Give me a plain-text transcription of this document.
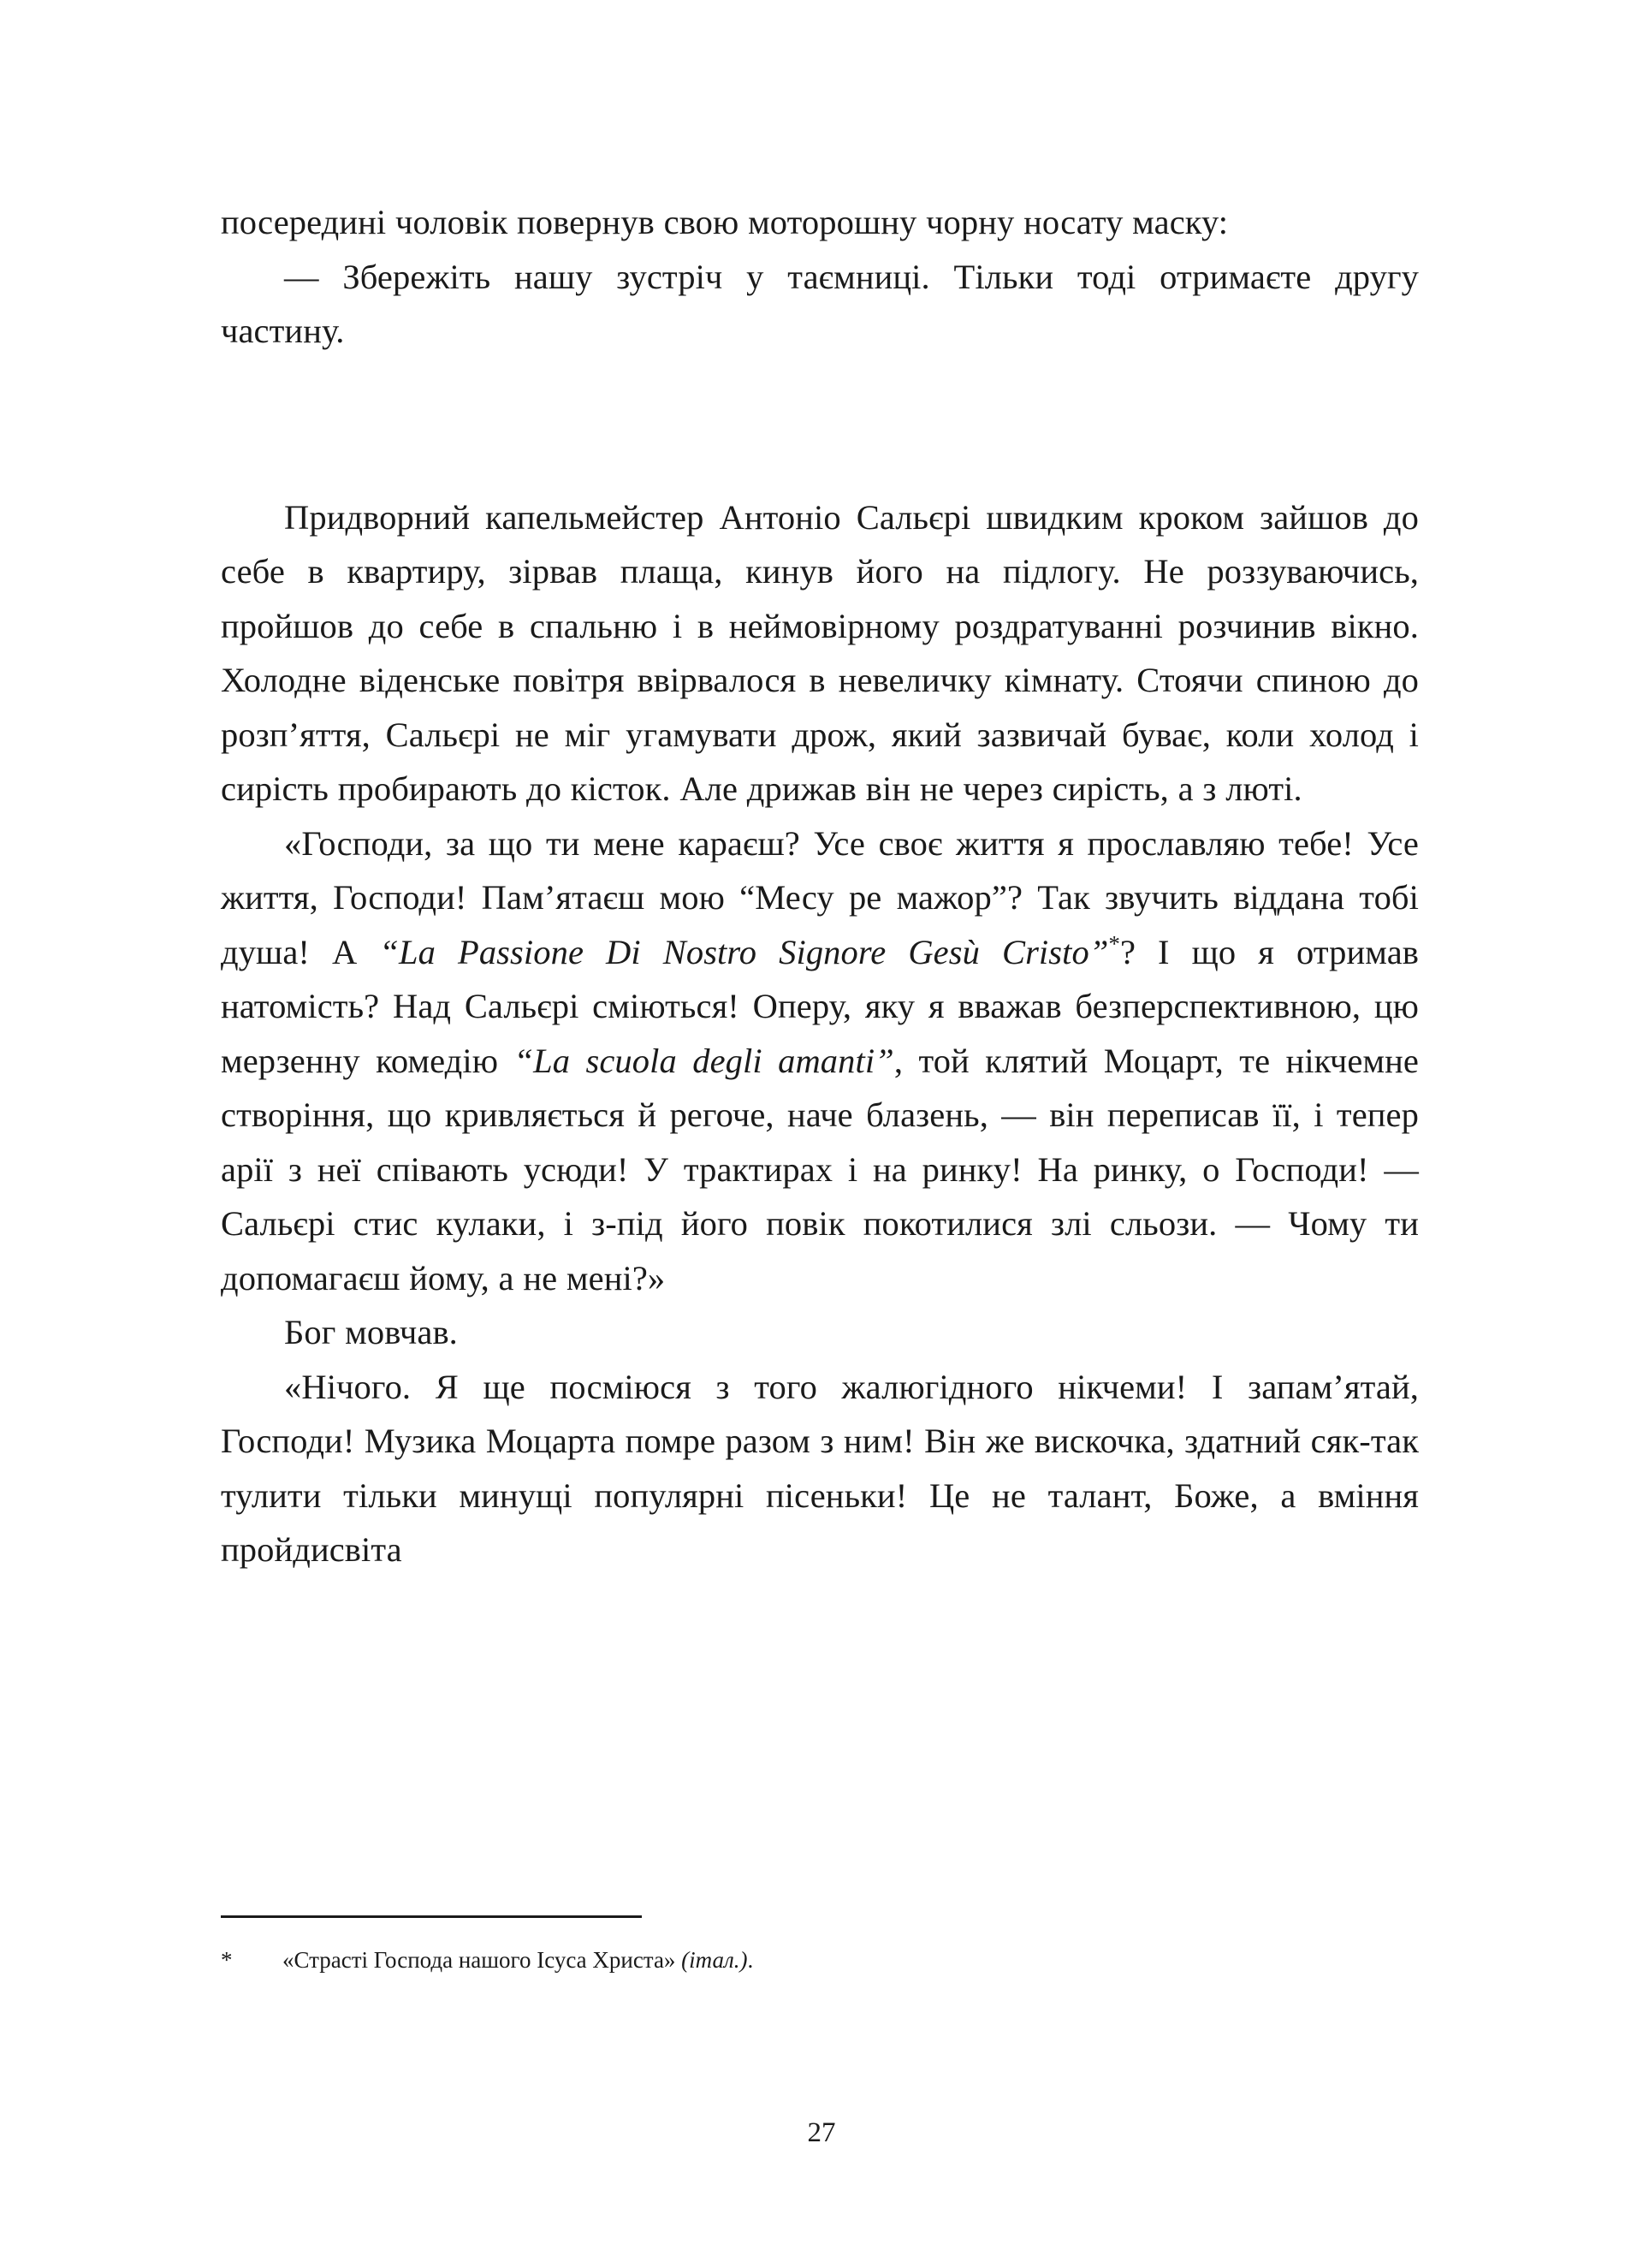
посередині чоловік повернув свою моторошну чорну носату маску:

— Збережіть нашу зустріч у таємниці. Тільки тоді отримаєте другу частину.

Придворний капельмейстер Антоніо Сальєрі швидким кроком зайшов до себе в квартиру, зірвав плаща, кинув його на підлогу. Не роззуваючись, пройшов до себе в спальню і в неймовірному роздратуванні розчинив вікно. Холодне віденське повітря ввірвалося в невеличку кімнату. Стоячи спиною до розп’яття, Сальєрі не міг угамувати дрож, який зазвичай буває, коли холод і сирість пробирають до кісток. Але дрижав він не через сирість, а з люті.

«Господи, за що ти мене караєш? Усе своє життя я прославляю тебе! Усе життя, Господи! Пам’ятаєш мою “Месу ре мажор”? Так звучить віддана тобі душа! А “La Passione Di Nostro Signore Gesù Cristo”*? І що я отримав натомість? Над Сальєрі сміються! Оперу, яку я вважав безперспективною, цю мерзенну комедію “La scuola degli amanti”, той клятий Моцарт, те нікчемне створіння, що кривляється й регоче, наче блазень, — він переписав її, і тепер арії з неї співають усюди! У трактирах і на ринку! На ринку, о Господи! — Сальєрі стис кулаки, і з-під його повік покотилися злі сльози. — Чому ти допомагаєш йому, а не мені?»

Бог мовчав.

«Нічого. Я ще посміюся з того жалюгідного нікчеми! І запам’ятай, Господи! Музика Моцарта помре разом з ним! Він же вискочка, здатний сяк-так тулити тільки минущі популярні пісеньки! Це не талант, Боже, а вміння пройдисвіта

*	«Страсті Господа нашого Ісуса Христа» (італ.).
27
